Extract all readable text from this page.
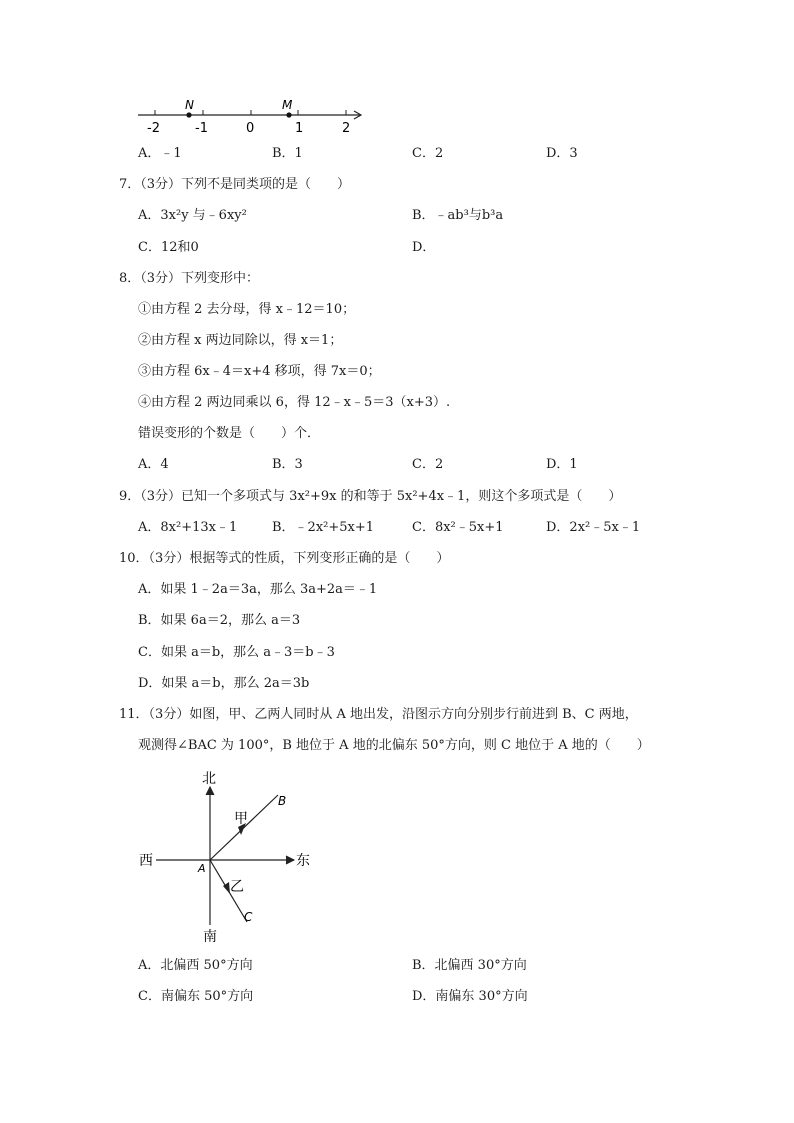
N	M
-2	-1	0	1	2
A．﹣1	B．1	C．2	D．3
7．（3分）下列不是同类项的是（　　）
A．3x²y 与﹣6xy²	B．﹣ab³与b³a
C．12和0	D．
8．（3分）下列变形中：
①由方程 2 去分母，得 x﹣12＝10；
②由方程 x 两边同除以，得 x＝1；
③由方程 6x﹣4＝x+4 移项，得 7x＝0；
④由方程 2 两边同乘以 6，得 12﹣x﹣5＝3（x+3）.
错误变形的个数是（　　）个．
A．4	B．3	C．2	D．1
9．（3分）已知一个多项式与 3x²+9x 的和等于 5x²+4x﹣1，则这个多项式是（　　）
A．8x²+13x﹣1	B．﹣2x²+5x+1	C．8x²﹣5x+1	D．2x²﹣5x﹣1
10．（3分）根据等式的性质，下列变形正确的是（　　）
A．如果 1﹣2a＝3a，那么 3a+2a＝﹣1
B．如果 6a＝2，那么 a＝3
C．如果 a＝b，那么 a﹣3＝b﹣3
D．如果 a＝b，那么 2a＝3b
11．（3分）如图，甲、乙两人同时从 A 地出发，沿图示方向分别步行前进到 B、C 两地，
观测得∠BAC 为 100°，B 地位于 A 地的北偏东 50°方向，则 C 地位于 A 地的（　　）
北
南
西	东
A
B
C
甲
乙
A．北偏西 50°方向	B．北偏西 30°方向
C．南偏东 50°方向	D．南偏东 30°方向
